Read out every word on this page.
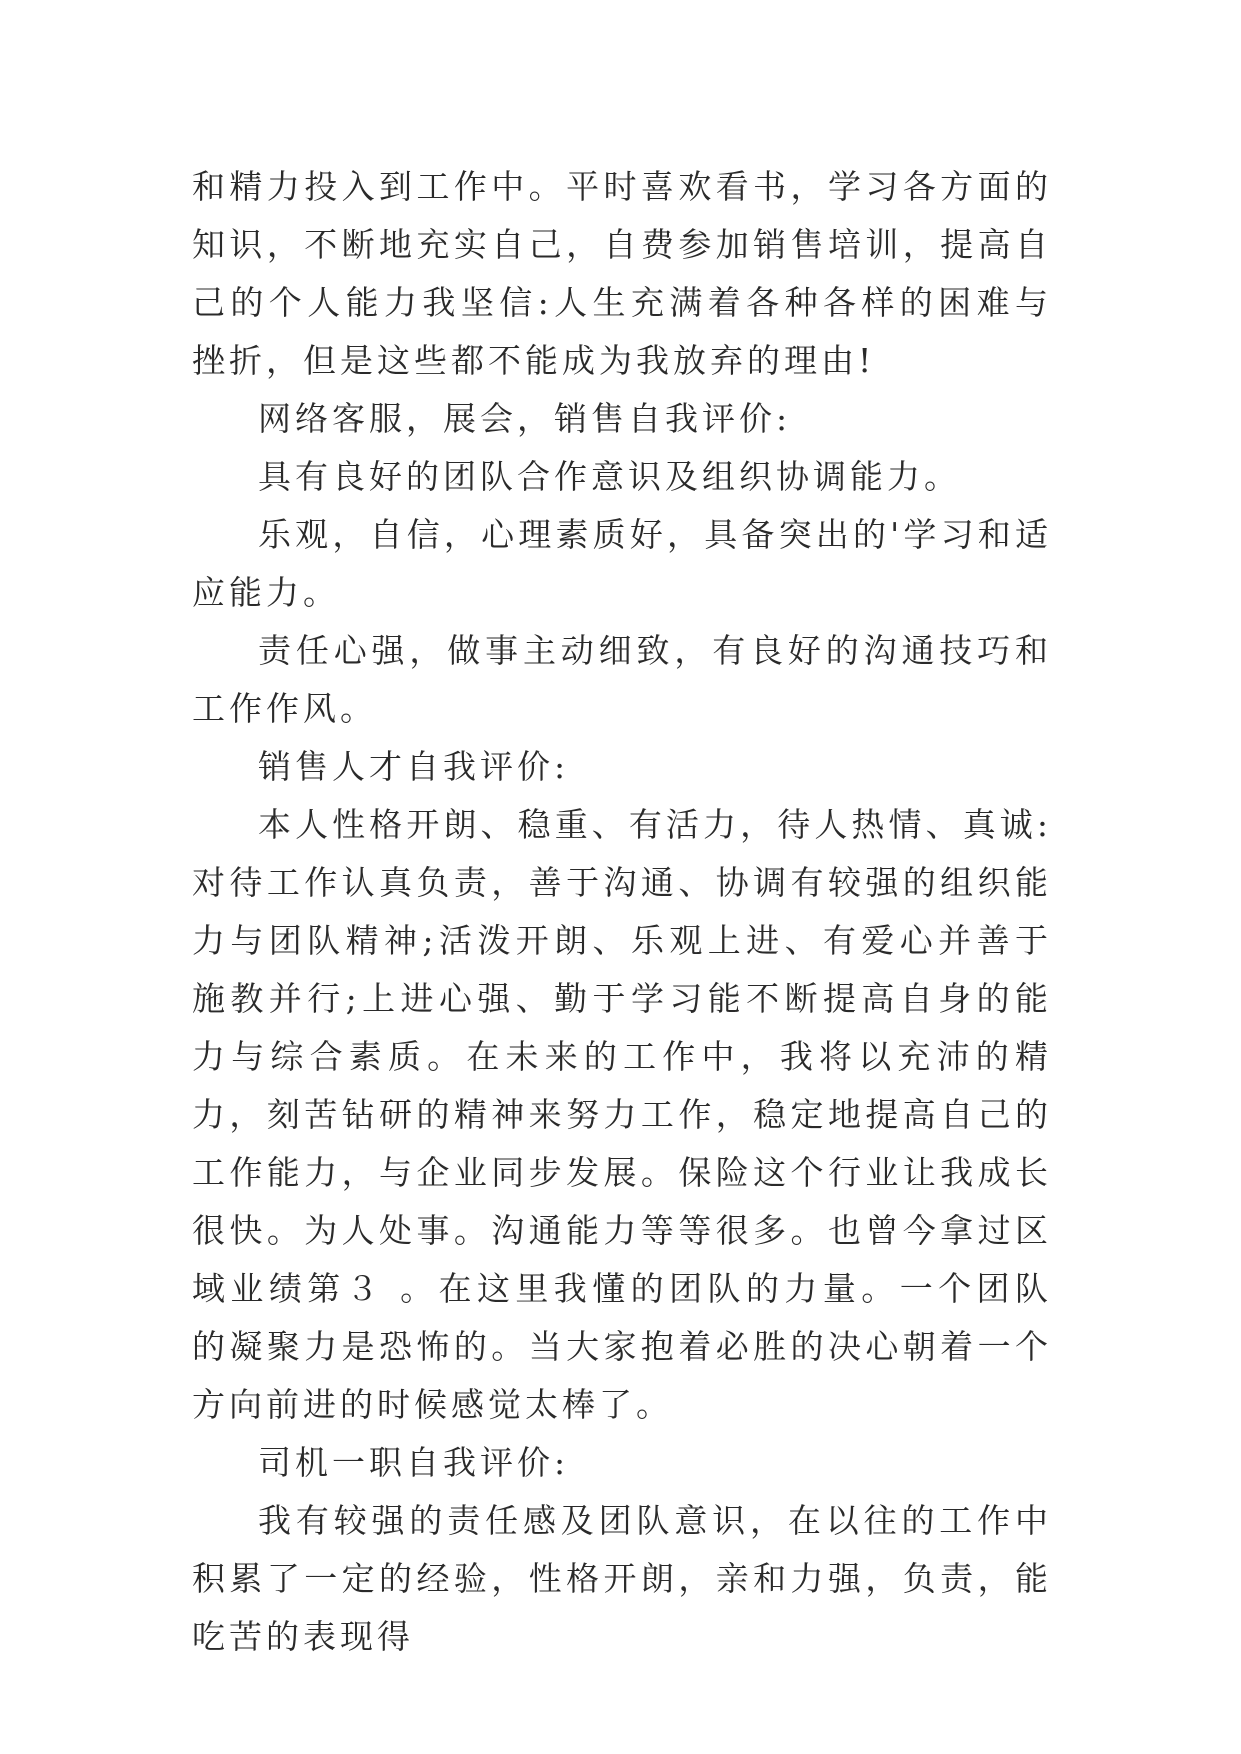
和精力投入到工作中。平时喜欢看书，学习各方面的知识，不断地充实自己，自费参加销售培训，提高自己的个人能力我坚信:人生充满着各种各样的困难与挫折，但是这些都不能成为我放弃的理由!

网络客服，展会，销售自我评价:

具有良好的团队合作意识及组织协调能力。

乐观，自信，心理素质好，具备突出的'学习和适应能力。

责任心强，做事主动细致，有良好的沟通技巧和工作作风。

销售人才自我评价:

本人性格开朗、稳重、有活力，待人热情、真诚:对待工作认真负责，善于沟通、协调有较强的组织能力与团队精神;活泼开朗、乐观上进、有爱心并善于施教并行;上进心强、勤于学习能不断提高自身的能力与综合素质。在未来的工作中，我将以充沛的精力，刻苦钻研的精神来努力工作，稳定地提高自己的工作能力，与企业同步发展。保险这个行业让我成长很快。为人处事。沟通能力等等很多。也曾今拿过区域业绩第３ 。在这里我懂的团队的力量。一个团队的凝聚力是恐怖的。当大家抱着必胜的决心朝着一个方向前进的时候感觉太棒了。

司机一职自我评价:

我有较强的责任感及团队意识，在以往的工作中积累了一定的经验，性格开朗，亲和力强，负责，能吃苦的表现得
